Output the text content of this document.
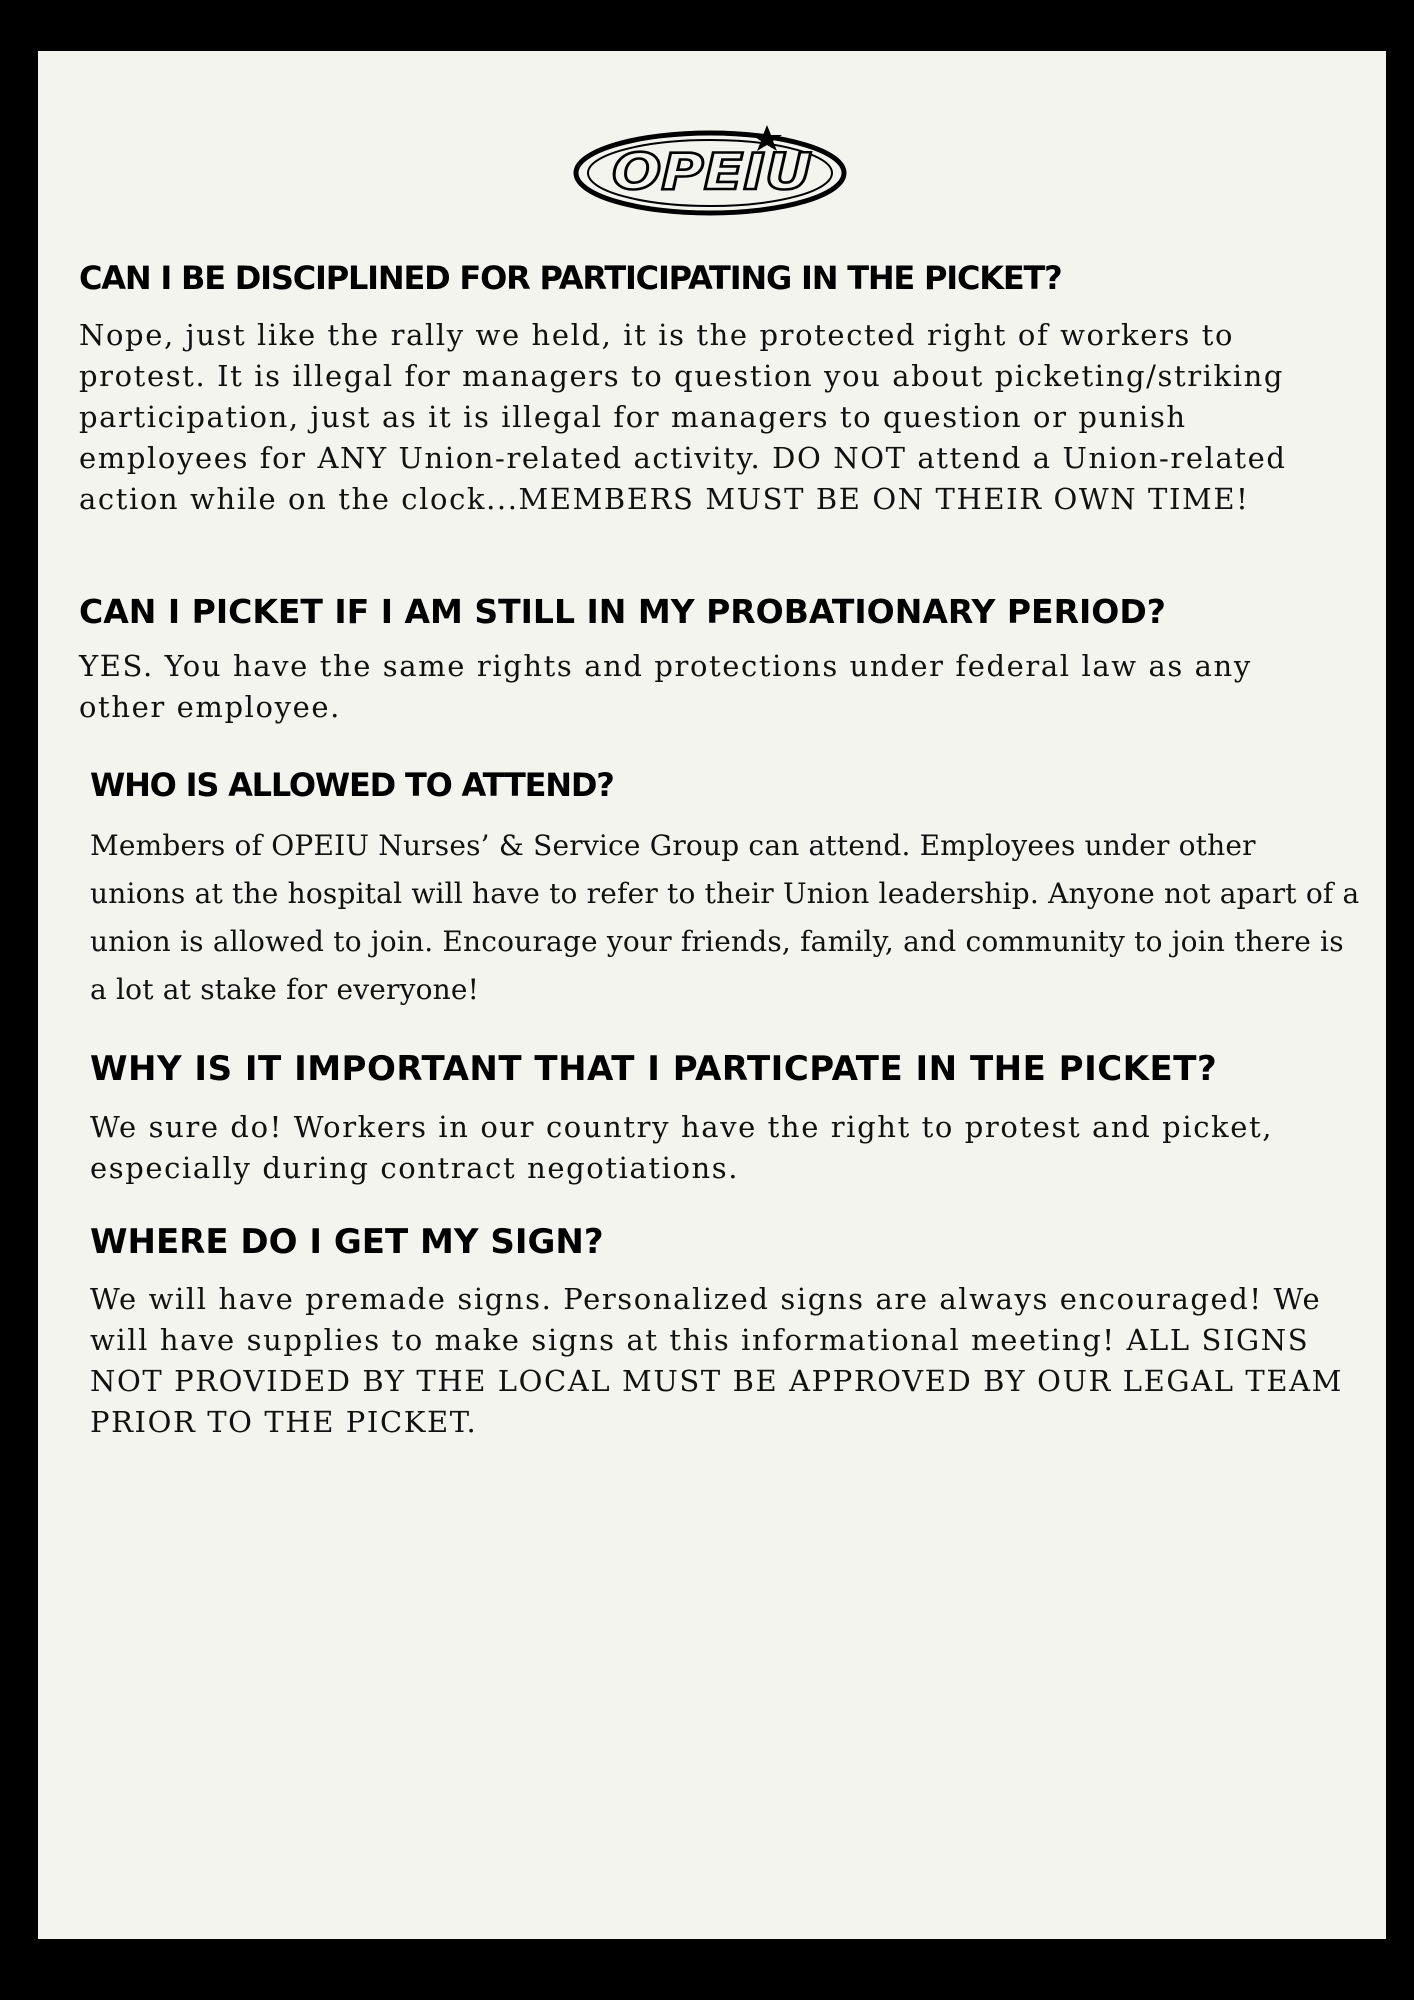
OPEIU
CAN I BE DISCIPLINED FOR PARTICIPATING IN THE PICKET?

Nope, just like the rally we held, it is the protected right of workers to protest. It is illegal for managers to question you about picketing/striking participation, just as it is illegal for managers to question or punish employees for ANY Union-related activity. DO NOT attend a Union-related action while on the clock...MEMBERS MUST BE ON THEIR OWN TIME!

CAN I PICKET IF I AM STILL IN MY PROBATIONARY PERIOD?

YES. You have the same rights and protections under federal law as any other employee.

WHO IS ALLOWED TO ATTEND?

Members of OPEIU Nurses’ & Service Group can attend. Employees under other unions at the hospital will have to refer to their Union leadership. Anyone not apart of a union is allowed to join. Encourage your friends, family, and community to join there is a lot at stake for everyone!

WHY IS IT IMPORTANT THAT I PARTICPATE IN THE PICKET?

We sure do! Workers in our country have the right to protest and picket, especially during contract negotiations.

WHERE DO I GET MY SIGN?

We will have premade signs. Personalized signs are always encouraged! We will have supplies to make signs at this informational meeting! ALL SIGNS NOT PROVIDED BY THE LOCAL MUST BE APPROVED BY OUR LEGAL TEAM PRIOR TO THE PICKET.
